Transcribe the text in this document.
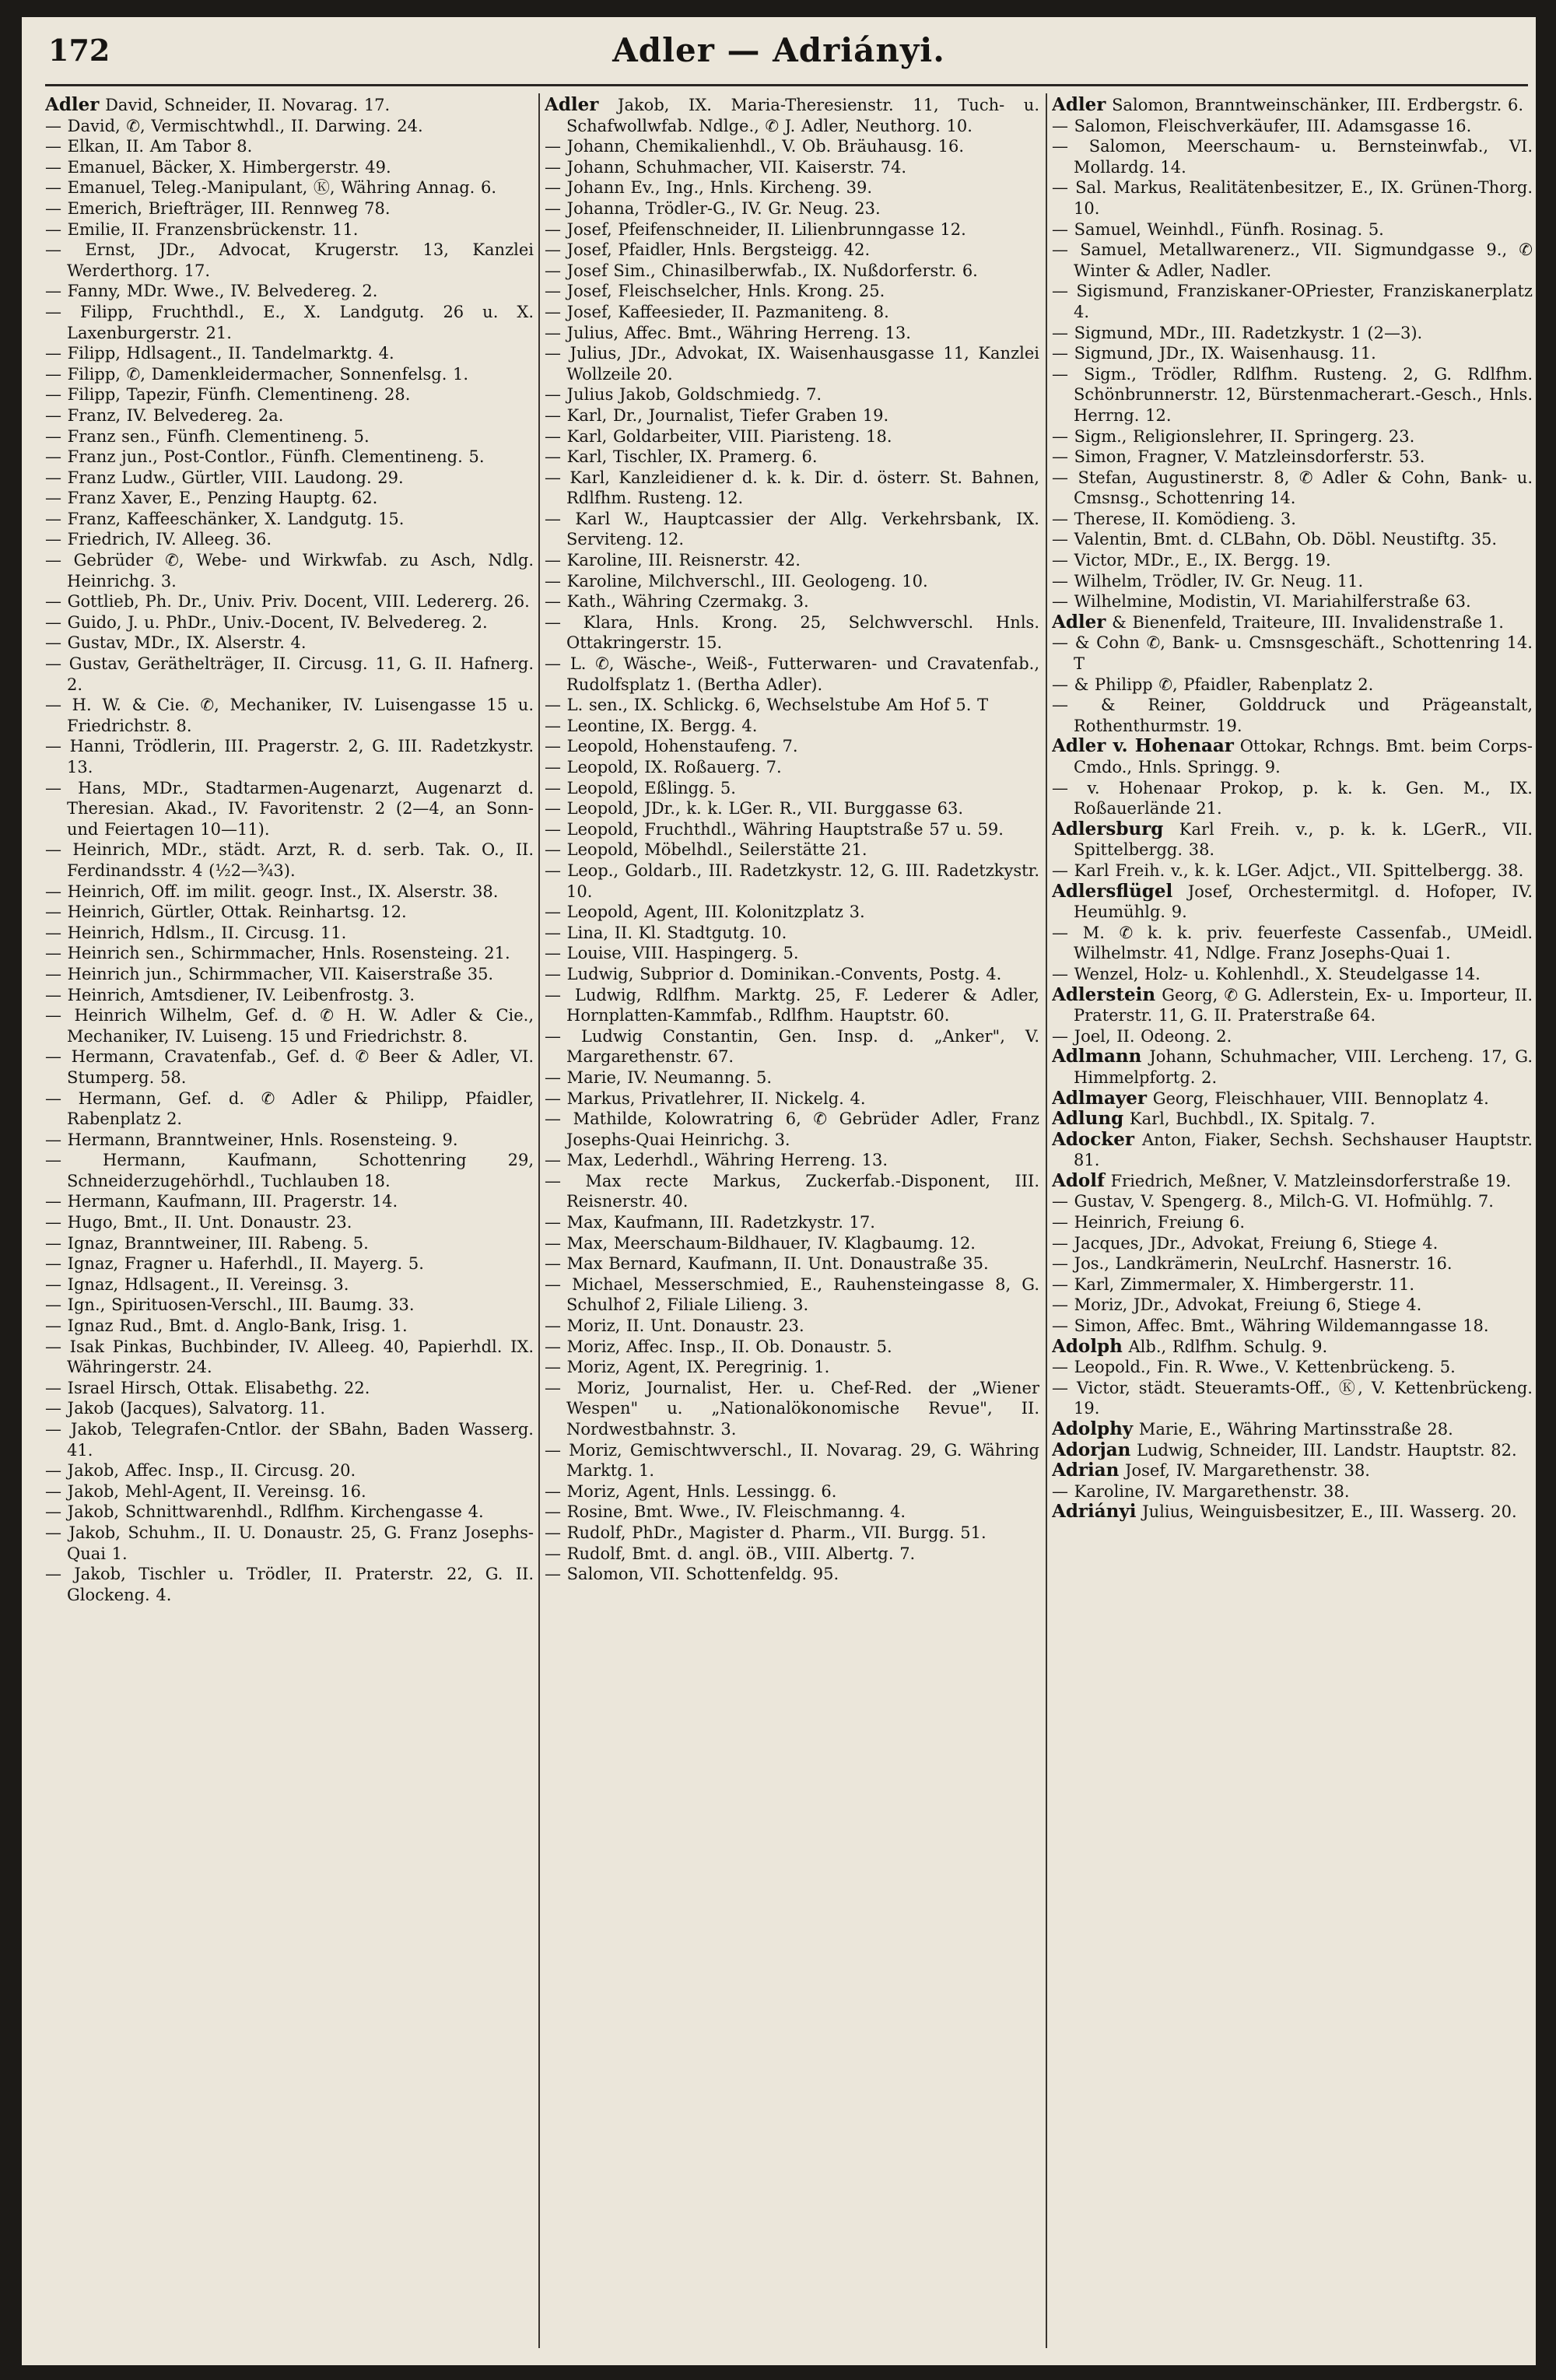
172	Adler — Adriányi.
Adler David, Schneider, II. Novarag. 17.
— David, ✆, Vermischtwhdl., II. Darwing. 24.
— Elkan, II. Am Tabor 8.
— Emanuel, Bäcker, X. Himbergerstr. 49.
— Emanuel, Teleg.-Manipulant, Ⓚ, Währing Annag. 6.
— Emerich, Briefträger, III. Rennweg 78.
— Emilie, II. Franzensbrückenstr. 11.
— Ernst, JDr., Advocat, Krugerstr. 13, Kanzlei Werderthorg. 17.
— Fanny, MDr. Wwe., IV. Belvedereg. 2.
— Filipp, Fruchthdl., E., X. Landgutg. 26 u. X. Laxenburgerstr. 21.
— Filipp, Hdlsagent., II. Tandelmarktg. 4.
— Filipp, ✆, Damenkleidermacher, Sonnenfelsg. 1.
— Filipp, Tapezir, Fünfh. Clementineng. 28.
— Franz, IV. Belvedereg. 2a.
— Franz sen., Fünfh. Clementineng. 5.
— Franz jun., Post-Contlor., Fünfh. Clementineng. 5.
— Franz Ludw., Gürtler, VIII. Laudong. 29.
— Franz Xaver, E., Penzing Hauptg. 62.
— Franz, Kaffeeschänker, X. Landgutg. 15.
— Friedrich, IV. Alleeg. 36.
— Gebrüder ✆, Webe- und Wirkwfab. zu Asch, Ndlg. Heinrichg. 3.
— Gottlieb, Ph. Dr., Univ. Priv. Docent, VIII. Ledererg. 26.
— Guido, J. u. PhDr., Univ.-Docent, IV. Belvedereg. 2.
— Gustav, MDr., IX. Alserstr. 4.
— Gustav, Geräthelträger, II. Circusg. 11, G. II. Hafnerg. 2.
— H. W. & Cie. ✆, Mechaniker, IV. Luisengasse 15 u. Friedrichstr. 8.
— Hanni, Trödlerin, III. Pragerstr. 2, G. III. Radetzkystr. 13.
— Hans, MDr., Stadtarmen-Augenarzt, Augenarzt d. Theresian. Akad., IV. Favoritenstr. 2 (2—4, an Sonn- und Feiertagen 10—11).
— Heinrich, MDr., städt. Arzt, R. d. serb. Tak. O., II. Ferdinandsstr. 4 (½2—¾3).
— Heinrich, Off. im milit. geogr. Inst., IX. Alserstr. 38.
— Heinrich, Gürtler, Ottak. Reinhartsg. 12.
— Heinrich, Hdlsm., II. Circusg. 11.
— Heinrich sen., Schirmmacher, Hnls. Rosensteing. 21.
— Heinrich jun., Schirmmacher, VII. Kaiserstraße 35.
— Heinrich, Amtsdiener, IV. Leibenfrostg. 3.
— Heinrich Wilhelm, Gef. d. ✆ H. W. Adler & Cie., Mechaniker, IV. Luiseng. 15 und Friedrichstr. 8.
— Hermann, Cravatenfab., Gef. d. ✆ Beer & Adler, VI. Stumperg. 58.
— Hermann, Gef. d. ✆ Adler & Philipp, Pfaidler, Rabenplatz 2.
— Hermann, Branntweiner, Hnls. Rosensteing. 9.
— Hermann, Kaufmann, Schottenring 29, Schneiderzugehörhdl., Tuchlauben 18.
— Hermann, Kaufmann, III. Pragerstr. 14.
— Hugo, Bmt., II. Unt. Donaustr. 23.
— Ignaz, Branntweiner, III. Rabeng. 5.
— Ignaz, Fragner u. Haferhdl., II. Mayerg. 5.
— Ignaz, Hdlsagent., II. Vereinsg. 3.
— Ign., Spirituosen-Verschl., III. Baumg. 33.
— Ignaz Rud., Bmt. d. Anglo-Bank, Irisg. 1.
— Isak Pinkas, Buchbinder, IV. Alleeg. 40, Papierhdl. IX. Währingerstr. 24.
— Israel Hirsch, Ottak. Elisabethg. 22.
— Jakob (Jacques), Salvatorg. 11.
— Jakob, Telegrafen-Cntlor. der SBahn, Baden Wasserg. 41.
— Jakob, Affec. Insp., II. Circusg. 20.
— Jakob, Mehl-Agent, II. Vereinsg. 16.
— Jakob, Schnittwarenhdl., Rdlfhm. Kirchengasse 4.
— Jakob, Schuhm., II. U. Donaustr. 25, G. Franz Josephs-Quai 1.
— Jakob, Tischler u. Trödler, II. Praterstr. 22, G. II. Glockeng. 4.
Adler Jakob, IX. Maria-Theresienstr. 11, Tuch- u. Schafwollwfab. Ndlge., ✆ J. Adler, Neuthorg. 10.
— Johann, Chemikalienhdl., V. Ob. Bräuhausg. 16.
— Johann, Schuhmacher, VII. Kaiserstr. 74.
— Johann Ev., Ing., Hnls. Kircheng. 39.
— Johanna, Trödler-G., IV. Gr. Neug. 23.
— Josef, Pfeifenschneider, II. Lilienbrunngasse 12.
— Josef, Pfaidler, Hnls. Bergsteigg. 42.
— Josef Sim., Chinasilberwfab., IX. Nußdorferstr. 6.
— Josef, Fleischselcher, Hnls. Krong. 25.
— Josef, Kaffeesieder, II. Pazmaniteng. 8.
— Julius, Affec. Bmt., Währing Herreng. 13.
— Julius, JDr., Advokat, IX. Waisenhausgasse 11, Kanzlei Wollzeile 20.
— Julius Jakob, Goldschmiedg. 7.
— Karl, Dr., Journalist, Tiefer Graben 19.
— Karl, Goldarbeiter, VIII. Piaristeng. 18.
— Karl, Tischler, IX. Pramerg. 6.
— Karl, Kanzleidiener d. k. k. Dir. d. österr. St. Bahnen, Rdlfhm. Rusteng. 12.
— Karl W., Hauptcassier der Allg. Verkehrsbank, IX. Serviteng. 12.
— Karoline, III. Reisnerstr. 42.
— Karoline, Milchverschl., III. Geologeng. 10.
— Kath., Währing Czermakg. 3.
— Klara, Hnls. Krong. 25, Selchwverschl. Hnls. Ottakringerstr. 15.
— L. ✆, Wäsche-, Weiß-, Futterwaren- und Cravatenfab., Rudolfsplatz 1. (Bertha Adler).
— L. sen., IX. Schlickg. 6, Wechselstube Am Hof 5. T
— Leontine, IX. Bergg. 4.
— Leopold, Hohenstaufeng. 7.
— Leopold, IX. Roßauerg. 7.
— Leopold, Eßlingg. 5.
— Leopold, JDr., k. k. LGer. R., VII. Burggasse 63.
— Leopold, Fruchthdl., Währing Hauptstraße 57 u. 59.
— Leopold, Möbelhdl., Seilerstätte 21.
— Leop., Goldarb., III. Radetzkystr. 12, G. III. Radetzkystr. 10.
— Leopold, Agent, III. Kolonitzplatz 3.
— Lina, II. Kl. Stadtgutg. 10.
— Louise, VIII. Haspingerg. 5.
— Ludwig, Subprior d. Dominikan.-Convents, Postg. 4.
— Ludwig, Rdlfhm. Marktg. 25, F. Lederer & Adler, Hornplatten-Kammfab., Rdlfhm. Hauptstr. 60.
— Ludwig Constantin, Gen. Insp. d. „Anker", V. Margarethenstr. 67.
— Marie, IV. Neumanng. 5.
— Markus, Privatlehrer, II. Nickelg. 4.
— Mathilde, Kolowratring 6, ✆ Gebrüder Adler, Franz Josephs-Quai Heinrichg. 3.
— Max, Lederhdl., Währing Herreng. 13.
— Max recte Markus, Zuckerfab.-Disponent, III. Reisnerstr. 40.
— Max, Kaufmann, III. Radetzkystr. 17.
— Max, Meerschaum-Bildhauer, IV. Klagbaumg. 12.
— Max Bernard, Kaufmann, II. Unt. Donaustraße 35.
— Michael, Messerschmied, E., Rauhensteingasse 8, G. Schulhof 2, Filiale Lilieng. 3.
— Moriz, II. Unt. Donaustr. 23.
— Moriz, Affec. Insp., II. Ob. Donaustr. 5.
— Moriz, Agent, IX. Peregrinig. 1.
— Moriz, Journalist, Her. u. Chef-Red. der „Wiener Wespen" u. „Nationalökonomische Revue", II. Nordwestbahnstr. 3.
— Moriz, Gemischtwverschl., II. Novarag. 29, G. Währing Marktg. 1.
— Moriz, Agent, Hnls. Lessingg. 6.
— Rosine, Bmt. Wwe., IV. Fleischmanng. 4.
— Rudolf, PhDr., Magister d. Pharm., VII. Burgg. 51.
— Rudolf, Bmt. d. angl. öB., VIII. Albertg. 7.
— Salomon, VII. Schottenfeldg. 95.
Adler Salomon, Branntweinschänker, III. Erdbergstr. 6.
— Salomon, Fleischverkäufer, III. Adamsgasse 16.
— Salomon, Meerschaum- u. Bernsteinwfab., VI. Mollardg. 14.
— Sal. Markus, Realitätenbesitzer, E., IX. Grünen-Thorg. 10.
— Samuel, Weinhdl., Fünfh. Rosinag. 5.
— Samuel, Metallwarenerz., VII. Sigmundgasse 9., ✆ Winter & Adler, Nadler.
— Sigismund, Franziskaner-OPriester, Franziskanerplatz 4.
— Sigmund, MDr., III. Radetzkystr. 1 (2—3).
— Sigmund, JDr., IX. Waisenhausg. 11.
— Sigm., Trödler, Rdlfhm. Rusteng. 2, G. Rdlfhm. Schönbrunnerstr. 12, Bürstenmacherart.-Gesch., Hnls. Herrng. 12.
— Sigm., Religionslehrer, II. Springerg. 23.
— Simon, Fragner, V. Matzleinsdorferstr. 53.
— Stefan, Augustinerstr. 8, ✆ Adler & Cohn, Bank- u. Cmsnsg., Schottenring 14.
— Therese, II. Komödieng. 3.
— Valentin, Bmt. d. CLBahn, Ob. Döbl. Neustiftg. 35.
— Victor, MDr., E., IX. Bergg. 19.
— Wilhelm, Trödler, IV. Gr. Neug. 11.
— Wilhelmine, Modistin, VI. Mariahilferstraße 63.
Adler & Bienenfeld, Traiteure, III. Invalidenstraße 1.
— & Cohn ✆, Bank- u. Cmsnsgeschäft., Schottenring 14. T
— & Philipp ✆, Pfaidler, Rabenplatz 2.
— & Reiner, Golddruck und Prägeanstalt, Rothenthurmstr. 19.
Adler v. Hohenaar Ottokar, Rchngs. Bmt. beim Corps-Cmdo., Hnls. Springg. 9.
— v. Hohenaar Prokop, p. k. k. Gen. M., IX. Roßauerlände 21.
Adlersburg Karl Freih. v., p. k. k. LGerR., VII. Spittelbergg. 38.
— Karl Freih. v., k. k. LGer. Adjct., VII. Spittelbergg. 38.
Adlersflügel Josef, Orchestermitgl. d. Hofoper, IV. Heumühlg. 9.
— M. ✆ k. k. priv. feuerfeste Cassenfab., UMeidl. Wilhelmstr. 41, Ndlge. Franz Josephs-Quai 1.
— Wenzel, Holz- u. Kohlenhdl., X. Steudelgasse 14.
Adlerstein Georg, ✆ G. Adlerstein, Ex- u. Importeur, II. Praterstr. 11, G. II. Praterstraße 64.
— Joel, II. Odeong. 2.
Adlmann Johann, Schuhmacher, VIII. Lercheng. 17, G. Himmelpfortg. 2.
Adlmayer Georg, Fleischhauer, VIII. Bennoplatz 4.
Adlung Karl, Buchbdl., IX. Spitalg. 7.
Adocker Anton, Fiaker, Sechsh. Sechshauser Hauptstr. 81.
Adolf Friedrich, Meßner, V. Matzleinsdorferstraße 19.
— Gustav, V. Spengerg. 8., Milch-G. VI. Hofmühlg. 7.
— Heinrich, Freiung 6.
— Jacques, JDr., Advokat, Freiung 6, Stiege 4.
— Jos., Landkrämerin, NeuLrchf. Hasnerstr. 16.
— Karl, Zimmermaler, X. Himbergerstr. 11.
— Moriz, JDr., Advokat, Freiung 6, Stiege 4.
— Simon, Affec. Bmt., Währing Wildemanngasse 18.
Adolph Alb., Rdlfhm. Schulg. 9.
— Leopold., Fin. R. Wwe., V. Kettenbrückeng. 5.
— Victor, städt. Steueramts-Off., Ⓚ, V. Kettenbrückeng. 19.
Adolphy Marie, E., Währing Martinsstraße 28.
Adorjan Ludwig, Schneider, III. Landstr. Hauptstr. 82.
Adrian Josef, IV. Margarethenstr. 38.
— Karoline, IV. Margarethenstr. 38.
Adriányi Julius, Weinguisbesitzer, E., III. Wasserg. 20.
